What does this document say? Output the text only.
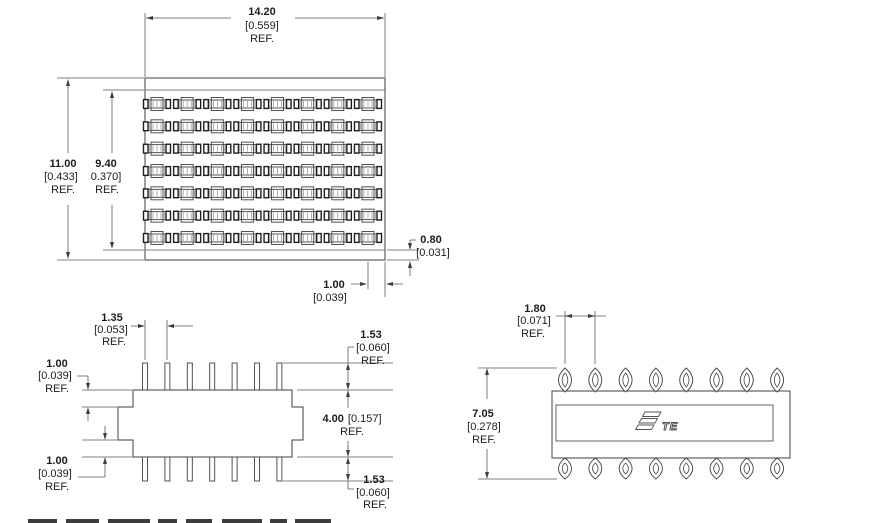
14.20
[0.559]
REF.
11.00
[0.433]
REF.
9.40
0.370]
REF.
0.80
[0.031]
1.00
[0.039]
1.35
[0.053]
REF.
1.00
[0.039]
REF.
1.00
[0.039]
REF.
1.53
[0.060]
REF.
4.00 [0.157]
REF.
1.53
[0.060]
REF.
TE
1.80
[0.071]
REF.
7.05
[0.278]
REF.
